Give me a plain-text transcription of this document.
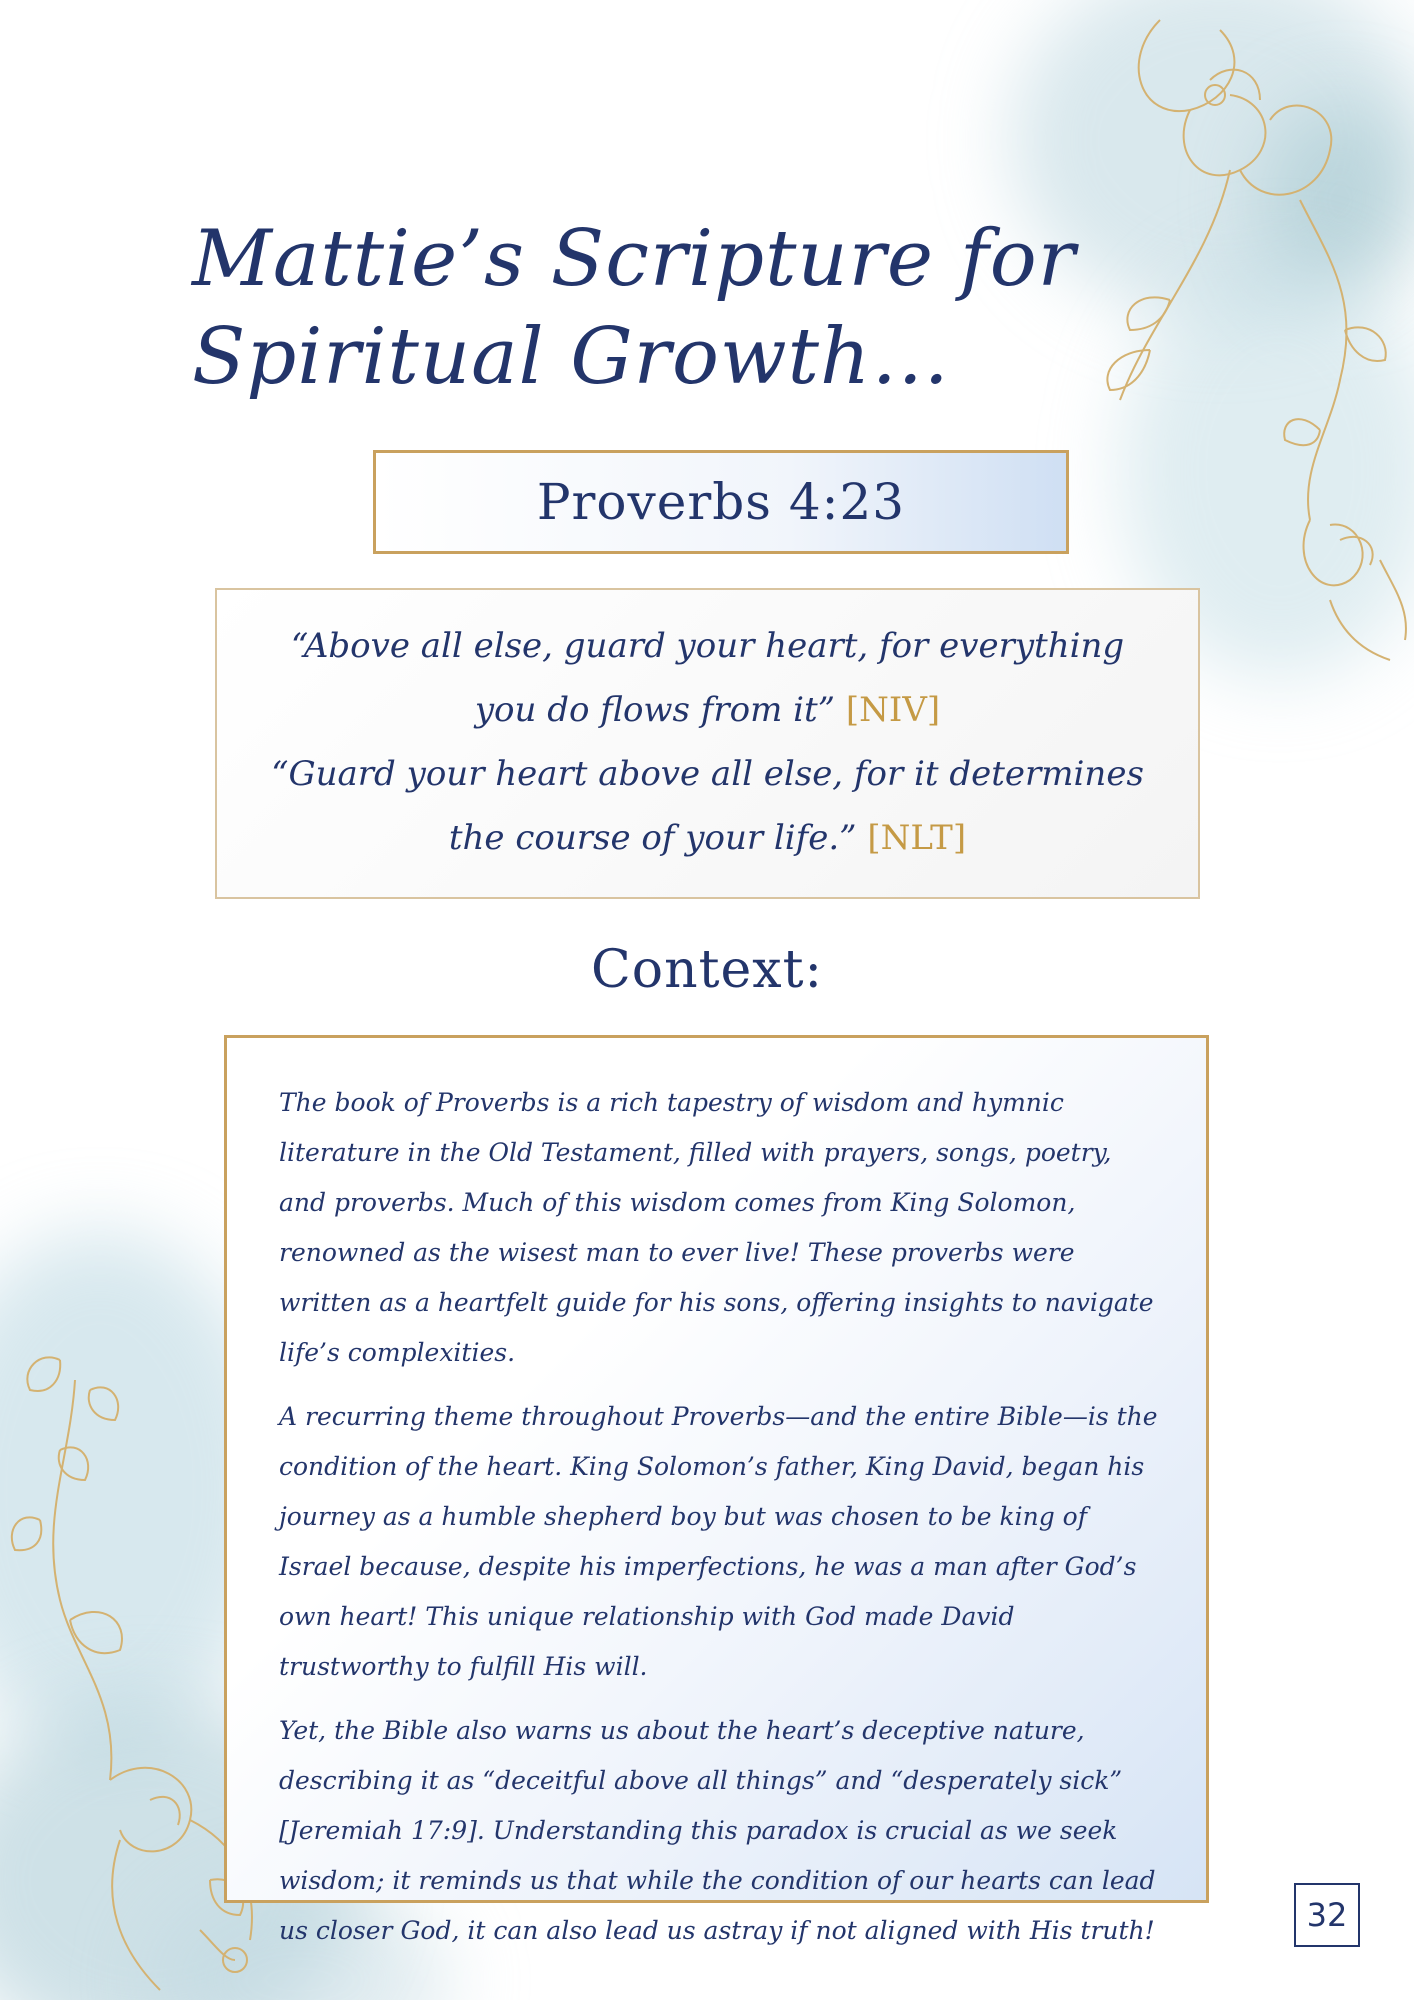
Mattie’s Scripture for
Spiritual Growth…
Proverbs 4:23

“Above all else, guard your heart, for everything you do flows from it” [NIV]

“Guard your heart above all else, for it determines the course of your life.” [NLT]

Context:

The book of Proverbs is a rich tapestry of wisdom and hymnic literature in the Old Testament, filled with prayers, songs, poetry, and proverbs. Much of this wisdom comes from King Solomon, renowned as the wisest man to ever live! These proverbs were written as a heartfelt guide for his sons, offering insights to navigate life’s complexities.

A recurring theme throughout Proverbs—and the entire Bible—is the condition of the heart. King Solomon’s father, King David, began his journey as a humble shepherd boy but was chosen to be king of Israel because, despite his imperfections, he was a man after God’s own heart! This unique relationship with God made David trustworthy to fulfill His will.

Yet, the Bible also warns us about the heart’s deceptive nature, describing it as “deceitful above all things” and “desperately sick” [Jeremiah 17:9]. Understanding this paradox is crucial as we seek wisdom; it reminds us that while the condition of our hearts can lead us closer God, it can also lead us astray if not aligned with His truth!	32
